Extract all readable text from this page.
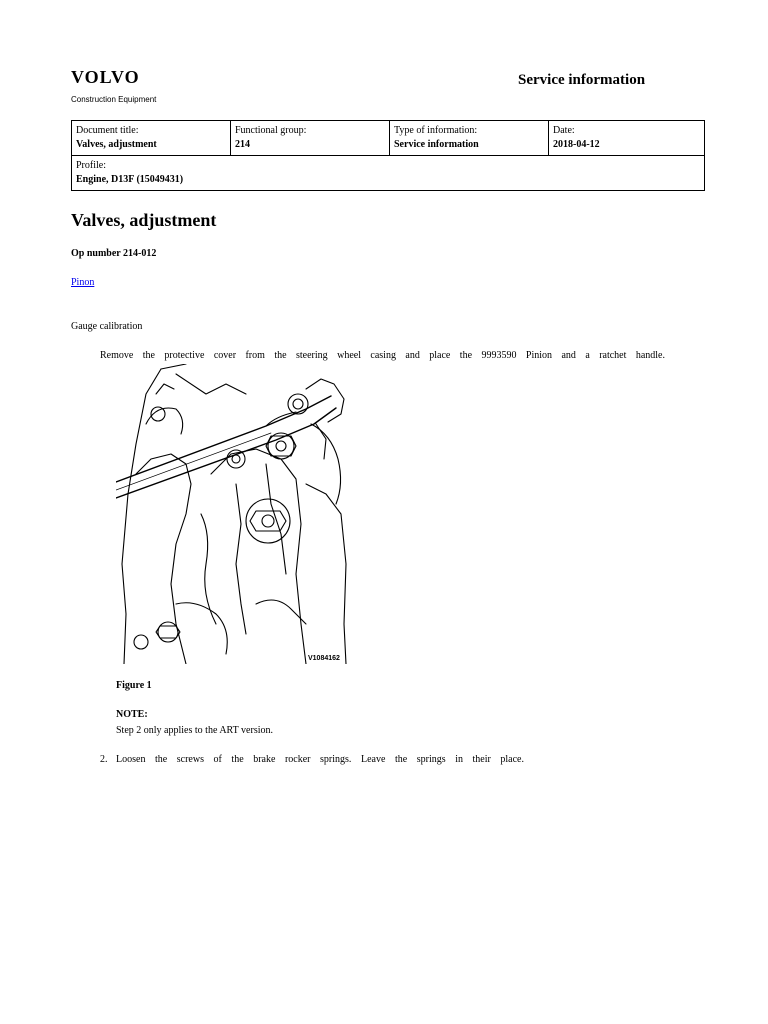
VOLVO
Construction Equipment
Service information
Document title:
Valves, adjustment

Functional group:
214

Type of information:
Service information

Date:
2018-04-12

Profile:
Engine, D13F (15049431)
Valves, adjustment
Op number 214-012
Pinon
Gauge calibration
Remove the protective cover from the steering wheel casing and place the 9993590 Pinion and a ratchet handle.
V1084162
Figure 1
NOTE:
Step 2 only applies to the ART version.
2. Loosen the screws of the brake rocker springs. Leave the springs in their place.
